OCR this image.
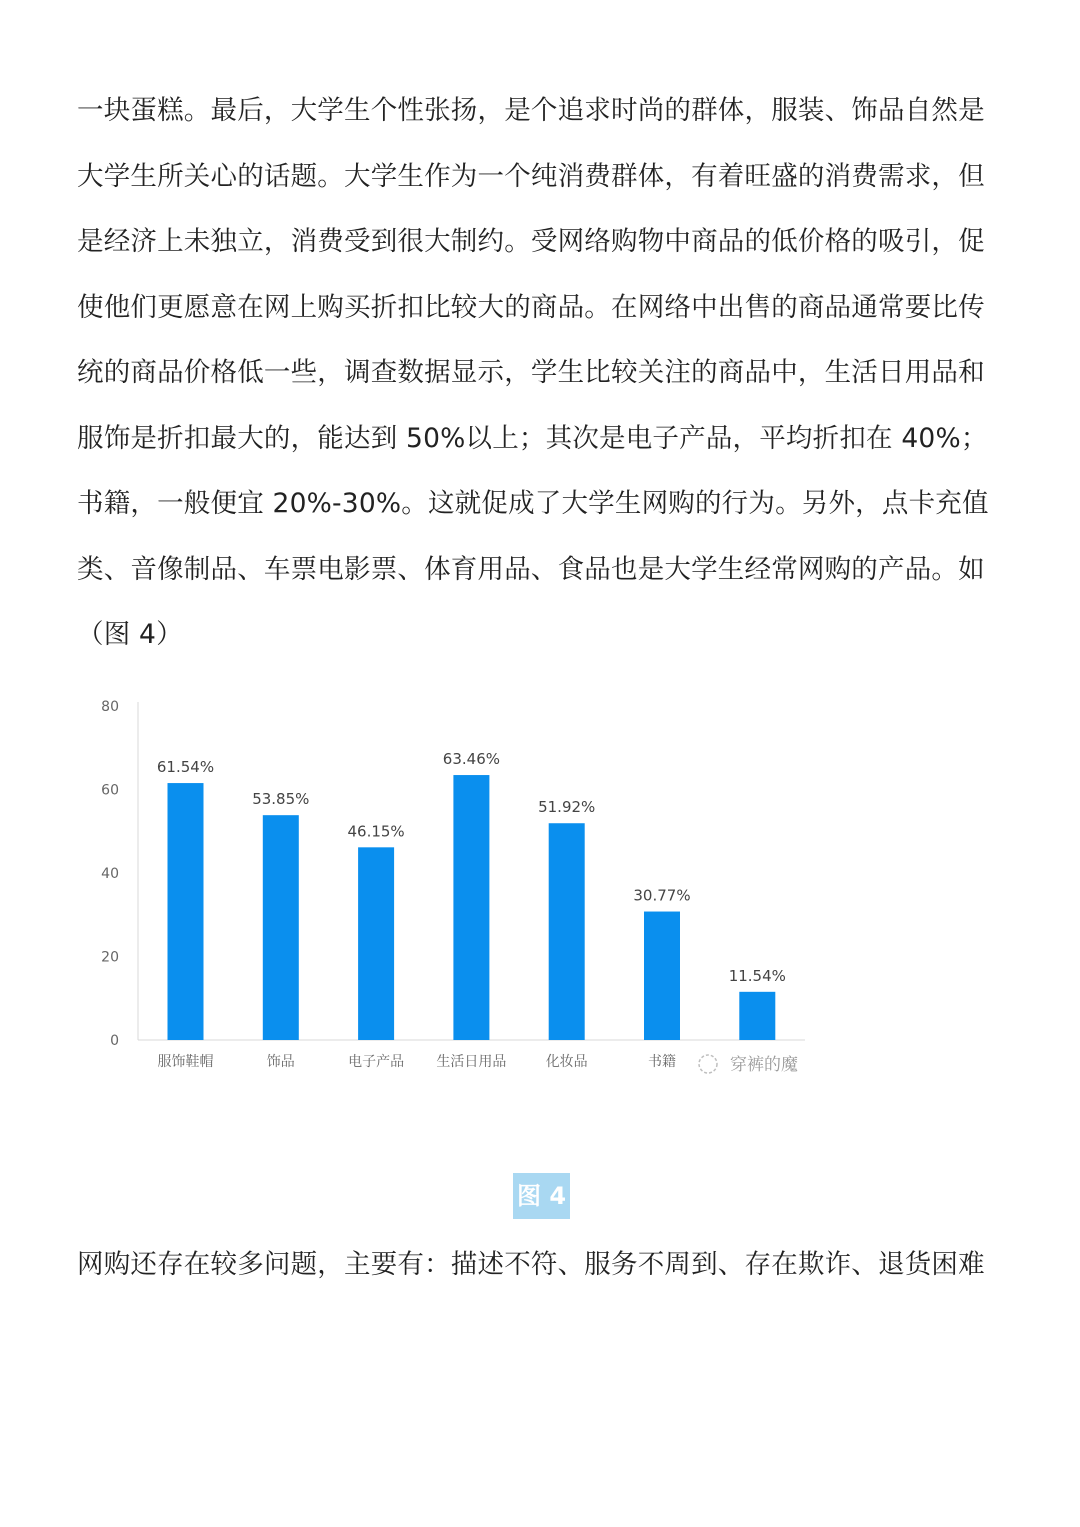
一块蛋糕。最后，大学生个性张扬，是个追求时尚的群体，服装、饰品自然是
大学生所关心的话题。大学生作为一个纯消费群体，有着旺盛的消费需求，但
是经济上未独立，消费受到很大制约。受网络购物中商品的低价格的吸引，促
使他们更愿意在网上购买折扣比较大的商品。在网络中出售的商品通常要比传
统的商品价格低一些，调查数据显示，学生比较关注的商品中，生活日用品和
服饰是折扣最大的，能达到 50%以上；其次是电子产品，平均折扣在 40%；
书籍，一般便宜 20%-30%。这就促成了大学生网购的行为。另外，点卡充值
类、音像制品、车票电影票、体育用品、食品也是大学生经常网购的产品。如
（图 4）
0
20
40
60
80
61.54%
服饰鞋帽
53.85%
饰品
46.15%
电子产品
63.46%
生活日用品
51.92%
化妆品
30.77%
书籍
11.54%
穿裤的魔
图 4
网购还存在较多问题，主要有：描述不符、服务不周到、存在欺诈、退货困难
